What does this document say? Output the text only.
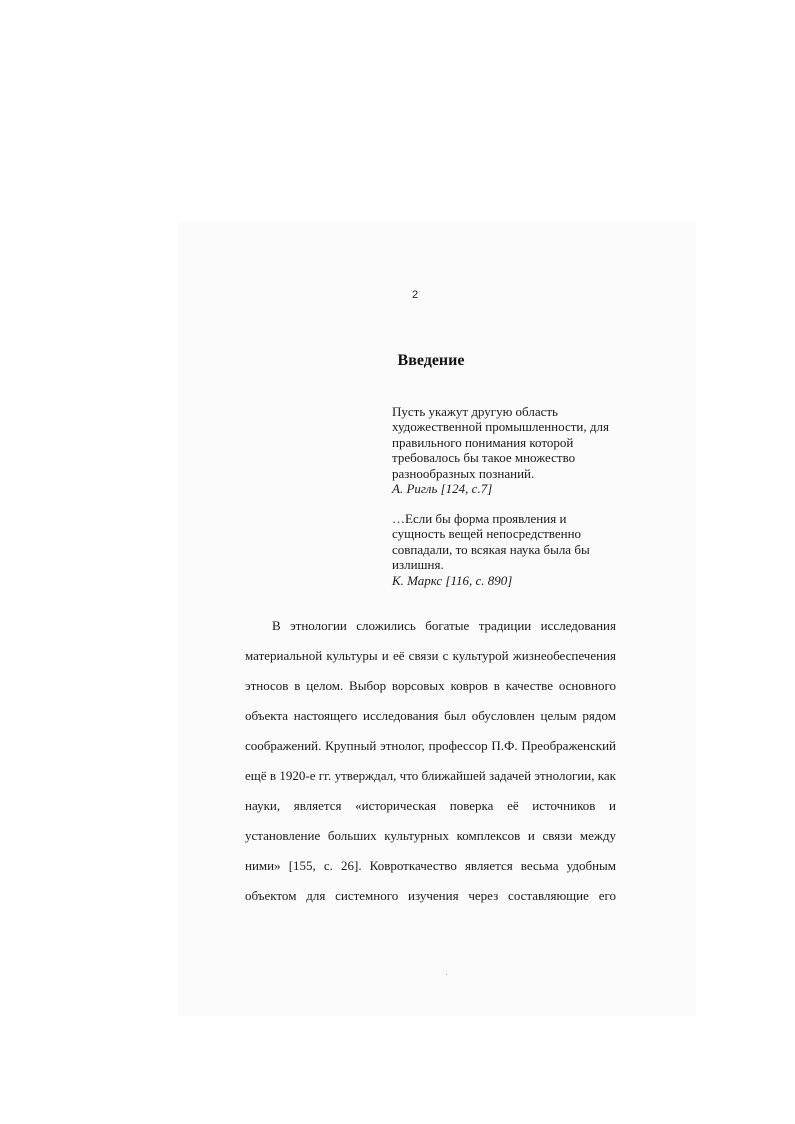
2
Введение
Пусть укажут другую область
художественной промышленности, для
правильного понимания которой
требовалось бы такое множество
разнообразных познаний.
А. Ригль [124, с.7]
…Если бы форма проявления и
сущность вещей непосредственно
совпадали, то всякая наука была бы
излишня.
К. Маркс [116, с. 890]
В этнологии сложились богатые традиции исследования
материальной культуры и её связи с культурой жизнеобеспечения
этносов в целом. Выбор ворсовых ковров в качестве основного
объекта настоящего исследования был обусловлен целым рядом
соображений. Крупный этнолог, профессор П.Ф. Преображенский
ещё в 1920-е гг. утверждал, что ближайшей задачей этнологии, как
науки, является «историческая поверка её источников и
установление больших культурных комплексов и связи между
ними» [155, с. 26]. Ковроткачество является весьма удобным
объектом для системного изучения через составляющие его
